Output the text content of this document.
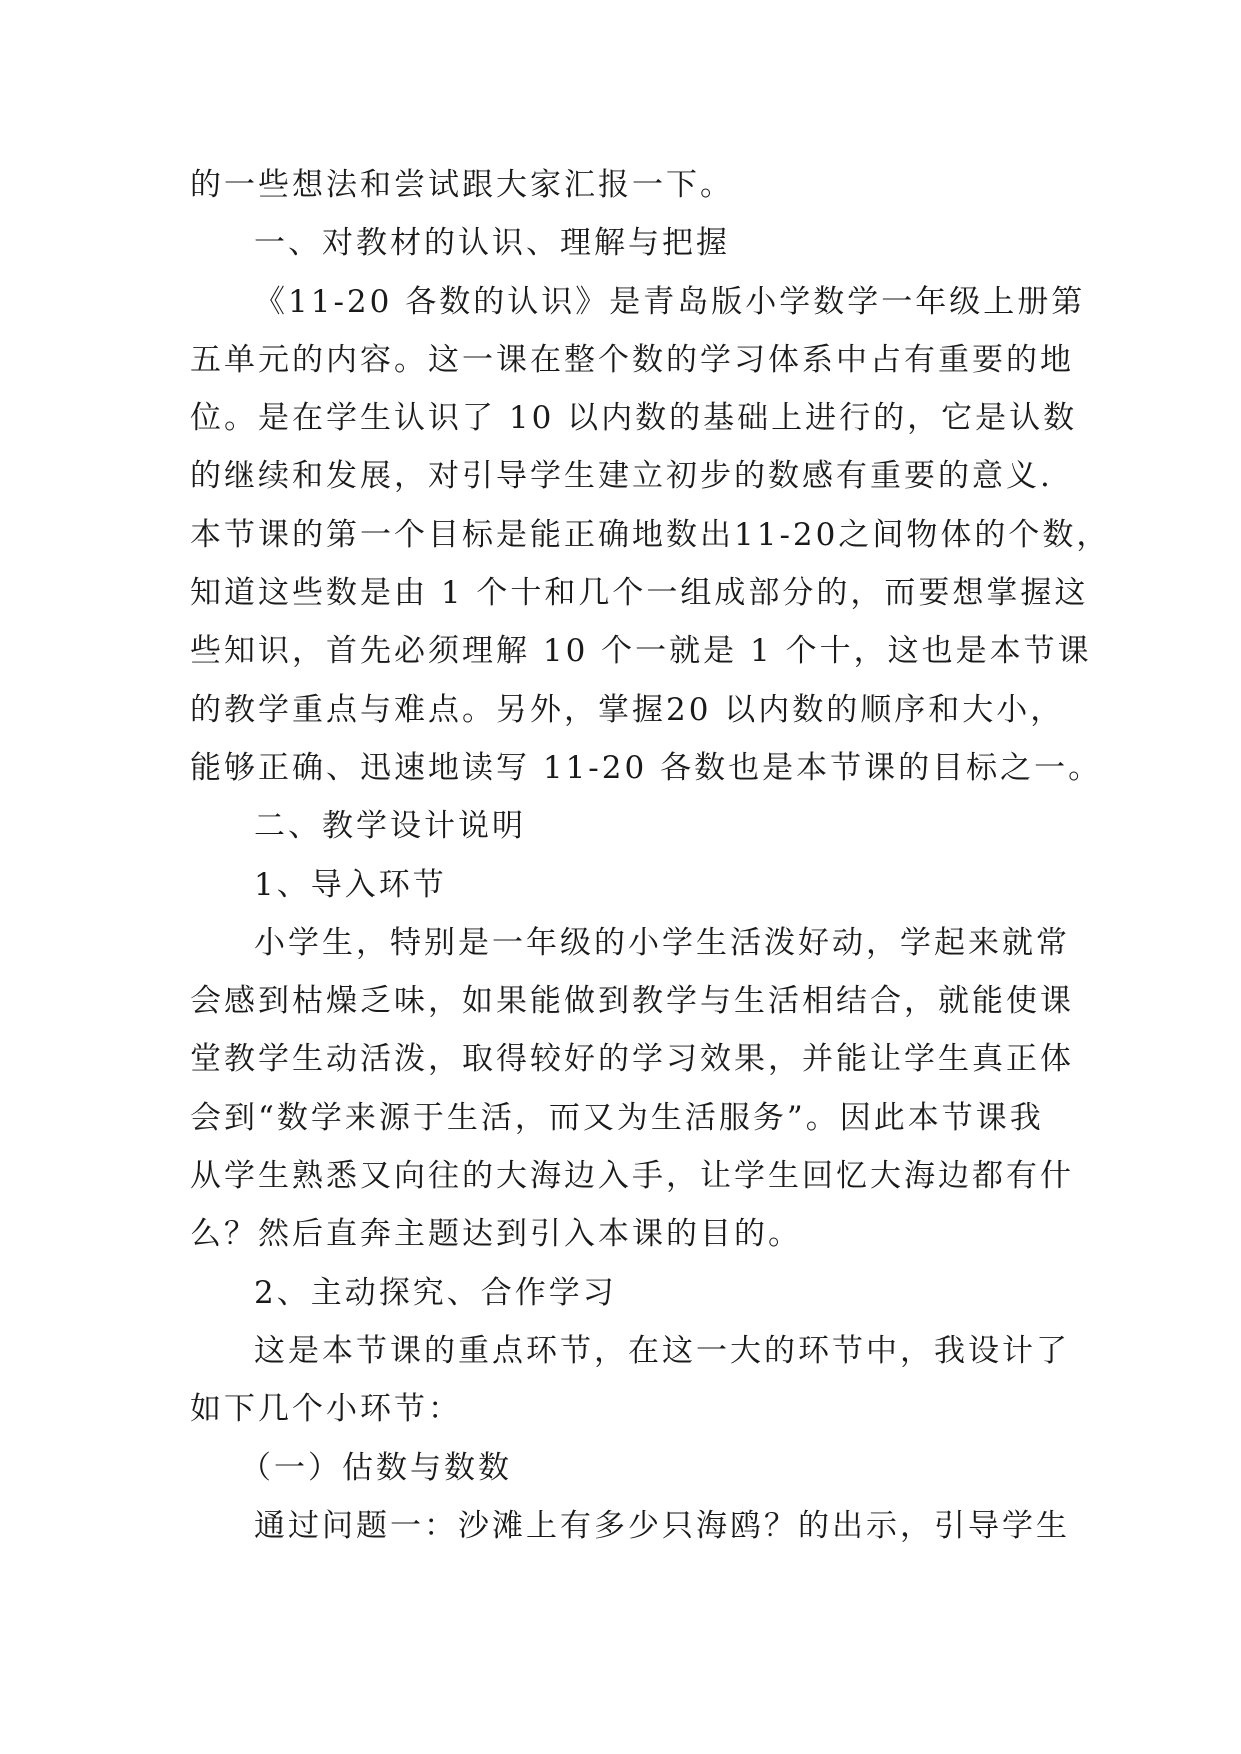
的一些想法和尝试跟大家汇报一下。
一、对教材的认识、理解与把握
《11-20 各数的认识》是青岛版小学数学一年级上册第
五单元的内容。这一课在整个数的学习体系中占有重要的地
位。是在学生认识了 10 以内数的基础上进行的，它是认数
的继续和发展，对引导学生建立初步的数感有重要的意义.
本节课的第一个目标是能正确地数出11-20之间物体的个数，
知道这些数是由 1 个十和几个一组成部分的，而要想掌握这
些知识，首先必须理解 10 个一就是 1 个十，这也是本节课
的教学重点与难点。另外，掌握20 以内数的顺序和大小，
能够正确、迅速地读写 11-20 各数也是本节课的目标之一。
二、教学设计说明
1、导入环节
小学生，特别是一年级的小学生活泼好动，学起来就常
会感到枯燥乏味，如果能做到教学与生活相结合，就能使课
堂教学生动活泼，取得较好的学习效果，并能让学生真正体
会到“数学来源于生活，而又为生活服务”。因此本节课我
从学生熟悉又向往的大海边入手，让学生回忆大海边都有什
么？然后直奔主题达到引入本课的目的。
2、主动探究、合作学习
这是本节课的重点环节，在这一大的环节中，我设计了
如下几个小环节：
（一）估数与数数
通过问题一：沙滩上有多少只海鸥？的出示，引导学生
